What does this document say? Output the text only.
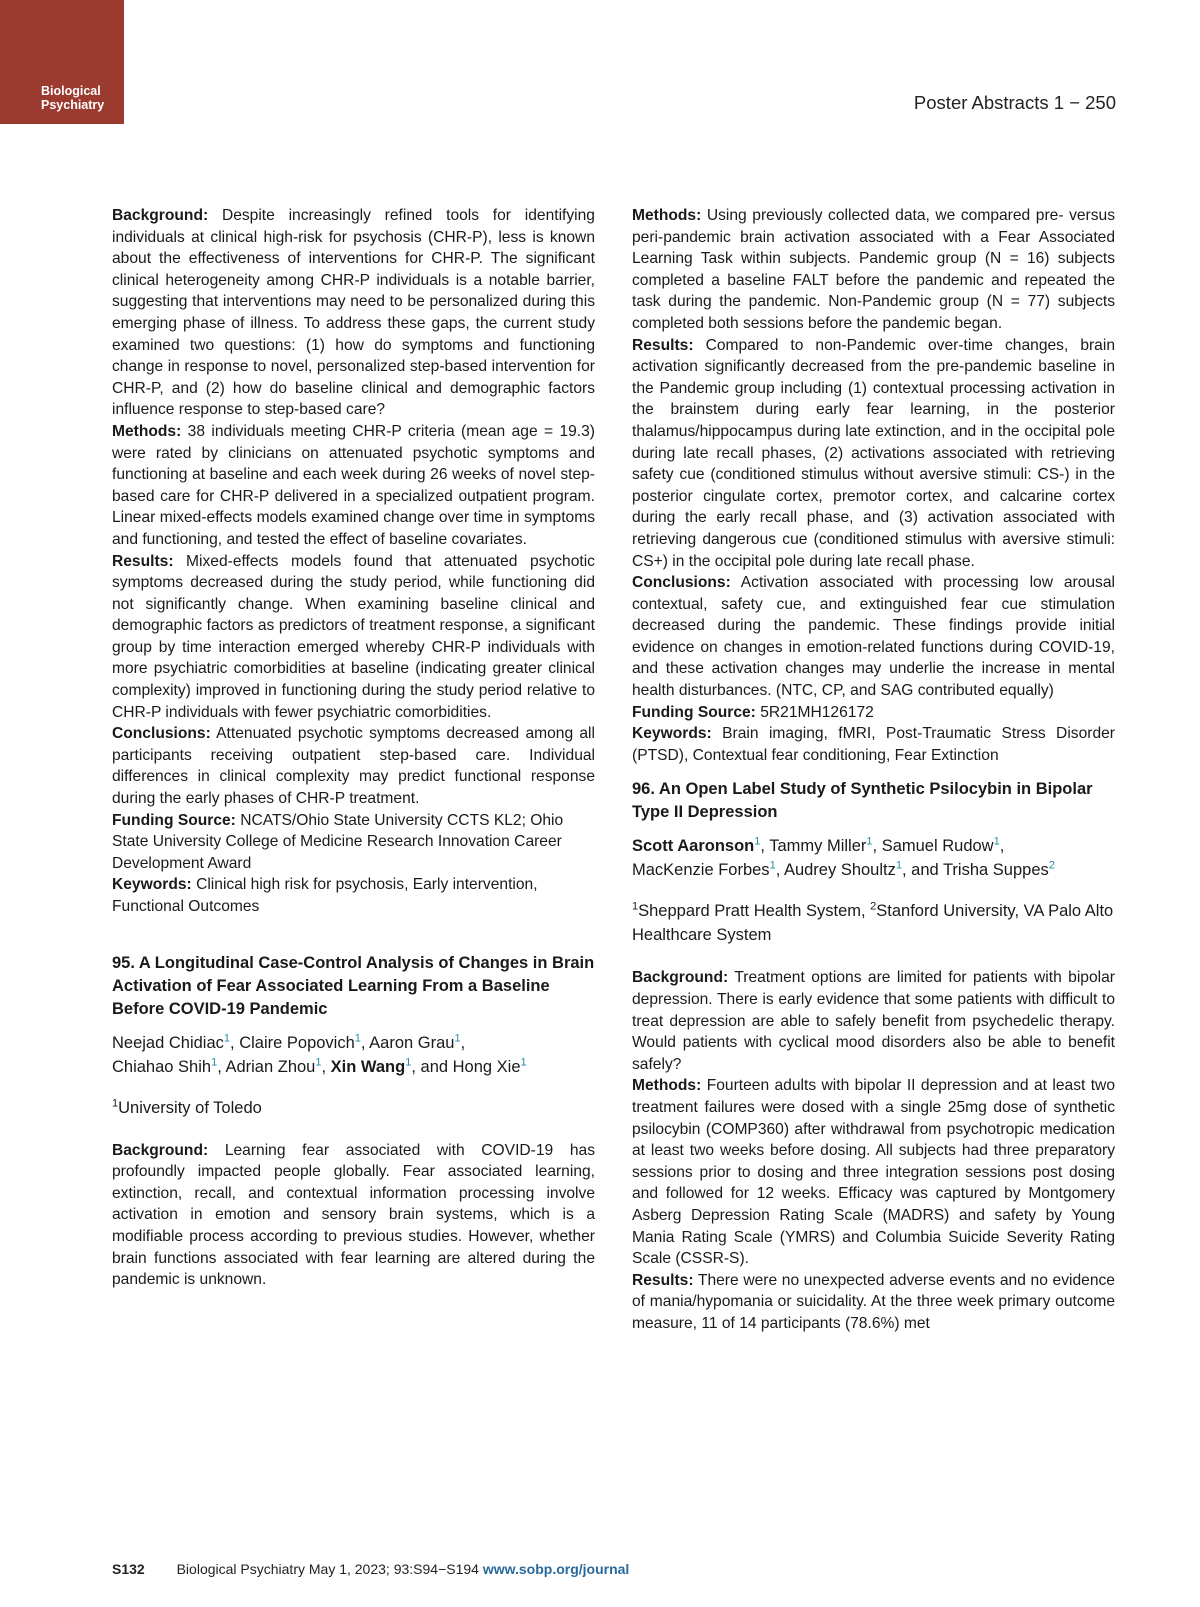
Biological
Psychiatry	Poster Abstracts 1 − 250

Background: Despite increasingly refined tools for identifying individuals at clinical high-risk for psychosis (CHR-P), less is known about the effectiveness of interventions for CHR-P. The significant clinical heterogeneity among CHR-P individuals is a notable barrier, suggesting that interventions may need to be personalized during this emerging phase of illness. To address these gaps, the current study examined two questions: (1) how do symptoms and functioning change in response to novel, personalized step-based intervention for CHR-P, and (2) how do baseline clinical and demographic factors influence response to step-based care?

Methods: 38 individuals meeting CHR-P criteria (mean age = 19.3) were rated by clinicians on attenuated psychotic symptoms and functioning at baseline and each week during 26 weeks of novel step-based care for CHR-P delivered in a specialized outpatient program. Linear mixed-effects models examined change over time in symptoms and functioning, and tested the effect of baseline covariates.

Results: Mixed-effects models found that attenuated psychotic symptoms decreased during the study period, while functioning did not significantly change. When examining baseline clinical and demographic factors as predictors of treatment response, a significant group by time interaction emerged whereby CHR-P individuals with more psychiatric comorbidities at baseline (indicating greater clinical complexity) improved in functioning during the study period relative to CHR-P individuals with fewer psychiatric comorbidities.

Conclusions: Attenuated psychotic symptoms decreased among all participants receiving outpatient step-based care. Individual differences in clinical complexity may predict functional response during the early phases of CHR-P treatment.

Funding Source: NCATS/Ohio State University CCTS KL2; Ohio State University College of Medicine Research Innovation Career Development Award

Keywords: Clinical high risk for psychosis, Early intervention, Functional Outcomes

95. A Longitudinal Case-Control Analysis of Changes in Brain Activation of Fear Associated Learning From a Baseline Before COVID-19 Pandemic

Neejad Chidiac$^1$, Claire Popovich$^1$, Aaron Grau$^1$,
Chiahao Shih$^1$, Adrian Zhou$^1$, Xin Wang$^1$, and Hong Xie$^1$

$^1$University of Toledo

Background: Learning fear associated with COVID-19 has profoundly impacted people globally. Fear associated learning, extinction, recall, and contextual information processing involve activation in emotion and sensory brain systems, which is a modifiable process according to previous studies. However, whether brain functions associated with fear learning are altered during the pandemic is unknown.

Methods: Using previously collected data, we compared pre- versus peri-pandemic brain activation associated with a Fear Associated Learning Task within subjects. Pandemic group (N = 16) subjects completed a baseline FALT before the pandemic and repeated the task during the pandemic. Non-Pandemic group (N = 77) subjects completed both sessions before the pandemic began.

Results: Compared to non-Pandemic over-time changes, brain activation significantly decreased from the pre-pandemic baseline in the Pandemic group including (1) contextual processing activation in the brainstem during early fear learning, in the posterior thalamus/hippocampus during late extinction, and in the occipital pole during late recall phases, (2) activations associated with retrieving safety cue (conditioned stimulus without aversive stimuli: CS-) in the posterior cingulate cortex, premotor cortex, and calcarine cortex during the early recall phase, and (3) activation associated with retrieving dangerous cue (conditioned stimulus with aversive stimuli: CS+) in the occipital pole during late recall phase.

Conclusions: Activation associated with processing low arousal contextual, safety cue, and extinguished fear cue stimulation decreased during the pandemic. These findings provide initial evidence on changes in emotion-related functions during COVID-19, and these activation changes may underlie the increase in mental health disturbances. (NTC, CP, and SAG contributed equally)

Funding Source: 5R21MH126172

Keywords: Brain imaging, fMRI, Post-Traumatic Stress Disorder (PTSD), Contextual fear conditioning, Fear Extinction

96. An Open Label Study of Synthetic Psilocybin in Bipolar Type II Depression

Scott Aaronson$^1$, Tammy Miller$^1$, Samuel Rudow$^1$,
MacKenzie Forbes$^1$, Audrey Shoultz$^1$, and Trisha Suppes$^2$

$^1$Sheppard Pratt Health System, $^2$Stanford University, VA Palo Alto Healthcare System

Background: Treatment options are limited for patients with bipolar depression. There is early evidence that some patients with difficult to treat depression are able to safely benefit from psychedelic therapy. Would patients with cyclical mood disorders also be able to benefit safely?

Methods: Fourteen adults with bipolar II depression and at least two treatment failures were dosed with a single 25mg dose of synthetic psilocybin (COMP360) after withdrawal from psychotropic medication at least two weeks before dosing. All subjects had three preparatory sessions prior to dosing and three integration sessions post dosing and followed for 12 weeks. Efficacy was captured by Montgomery Asberg Depression Rating Scale (MADRS) and safety by Young Mania Rating Scale (YMRS) and Columbia Suicide Severity Rating Scale (CSSR-S).

Results: There were no unexpected adverse events and no evidence of mania/hypomania or suicidality. At the three week primary outcome measure, 11 of 14 participants (78.6%) met

S132 Biological Psychiatry May 1, 2023; 93:S94−S194 www.sobp.org/journal
